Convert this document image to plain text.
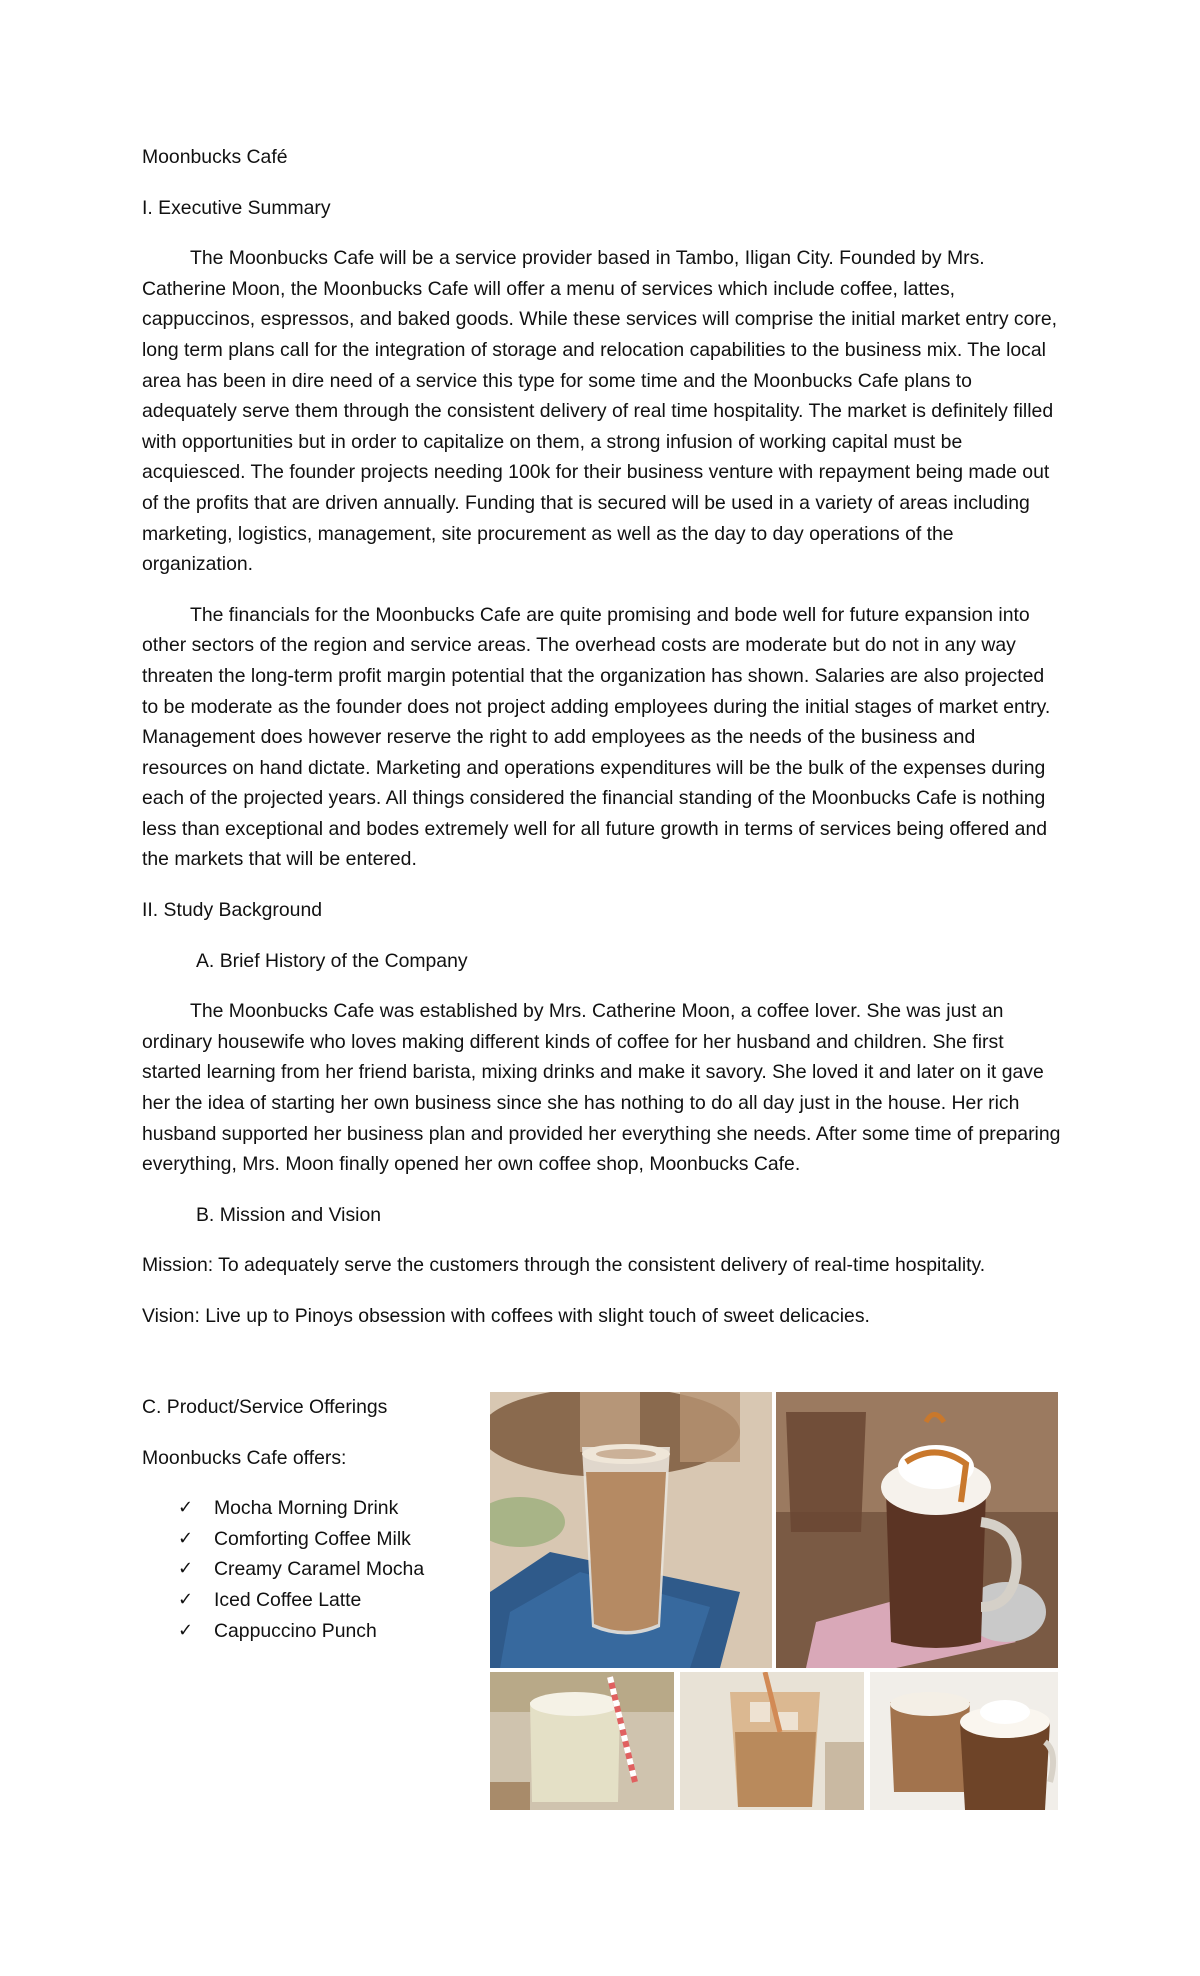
Moonbucks Café
I. Executive Summary

The Moonbucks Cafe will be a service provider based in Tambo, Iligan City. Founded by Mrs. Catherine Moon, the Moonbucks Cafe will offer a menu of services which include coffee, lattes, cappuccinos, espressos, and baked goods. While these services will comprise the initial market entry core, long term plans call for the integration of storage and relocation capabilities to the business mix. The local area has been in dire need of a service this type for some time and the Moonbucks Cafe plans to adequately serve them through the consistent delivery of real time hospitality. The market is definitely filled with opportunities but in order to capitalize on them, a strong infusion of working capital must be acquiesced. The founder projects needing 100k for their business venture with repayment being made out of the profits that are driven annually. Funding that is secured will be used in a variety of areas including marketing, logistics, management, site procurement as well as the day to day operations of the organization.

The financials for the Moonbucks Cafe are quite promising and bode well for future expansion into other sectors of the region and service areas. The overhead costs are moderate but do not in any way threaten the long-term profit margin potential that the organization has shown. Salaries are also projected to be moderate as the founder does not project adding employees during the initial stages of market entry. Management does however reserve the right to add employees as the needs of the business and resources on hand dictate. Marketing and operations expenditures will be the bulk of the expenses during each of the projected years. All things considered the financial standing of the Moonbucks Cafe is nothing less than exceptional and bodes extremely well for all future growth in terms of services being offered and the markets that will be entered.

II. Study Background
A. Brief History of the Company

The Moonbucks Cafe was established by Mrs. Catherine Moon, a coffee lover. She was just an ordinary housewife who loves making different kinds of coffee for her husband and children. She first started learning from her friend barista, mixing drinks and make it savory. She loved it and later on it gave her the idea of starting her own business since she has nothing to do all day just in the house. Her rich husband supported her business plan and provided her everything she needs. After some time of preparing everything, Mrs. Moon finally opened her own coffee shop, Moonbucks Cafe.

B. Mission and Vision
Mission: To adequately serve the customers through the consistent delivery of real-time hospitality.
Vision: Live up to Pinoys obsession with coffees with slight touch of sweet delicacies.
C. Product/Service Offerings
Moonbucks Cafe offers:
✓ Mocha Morning Drink
✓ Comforting Coffee Milk
✓ Creamy Caramel Mocha
✓ Iced Coffee Latte
✓ Cappuccino Punch
